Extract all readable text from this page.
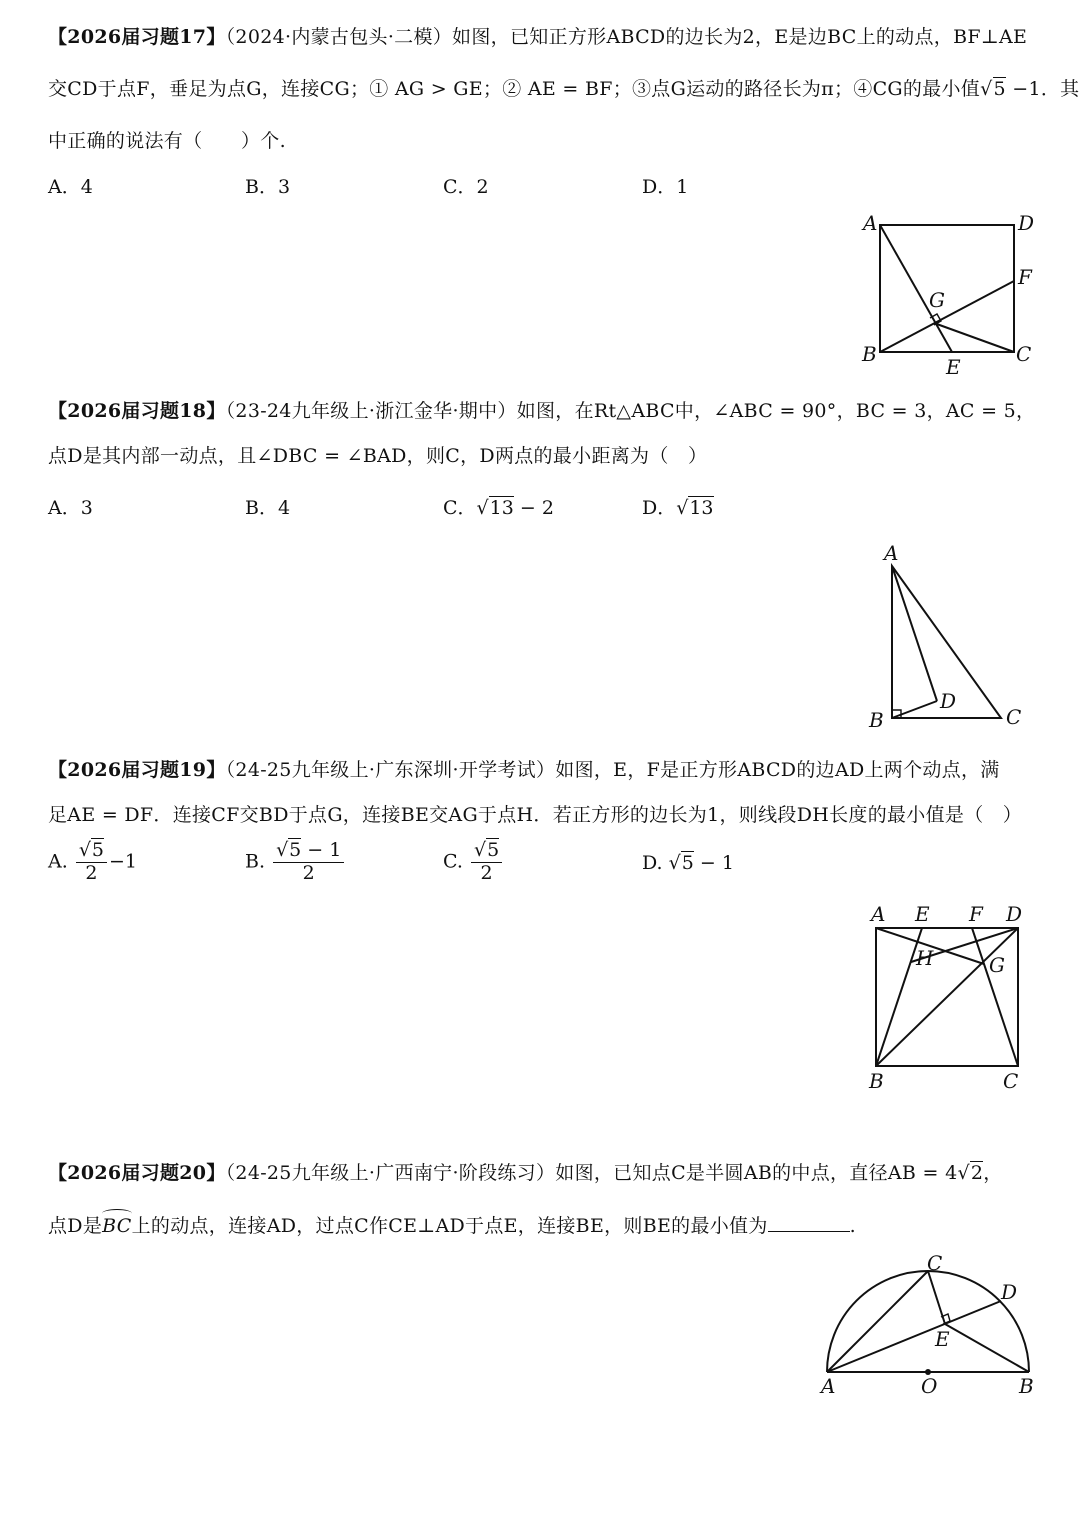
【2026届习题17】（2024·内蒙古包头·二模）如图，已知正方形ABCD的边长为2，E是边BC上的动点，BF⊥AE
交CD于点F，垂足为点G，连接CG；① AG > GE；② AE = BF；③点G运动的路径长为π；④CG的最小值√5 −1．其
中正确的说法有（　　）个.
A．4	B．3	C．2	D．1
A	D
F
G
B
E
C
【2026届习题18】（23-24九年级上·浙江金华·期中）如图，在Rt△ABC中，∠ABC = 90°，BC = 3，AC = 5，
点D是其内部一动点，且∠DBC = ∠BAD，则C，D两点的最小距离为（　）
A．3	B．4	C．√13 − 2	D．√13
A
D
B	C
【2026届习题19】（24-25九年级上·广东深圳·开学考试）如图，E，F是正方形ABCD的边AD上两个动点，满
足AE = DF．连接CF交BD于点G，连接BE交AG于点H．若正方形的边长为1，则线段DH长度的最小值是（　）
A. $\frac{√5}{2} -1$	B. $\frac{√5 - 1}{2}$	C. $\frac{√5}{2}$	D. √5 − 1
A E F D
H	G
B	C
【2026届习题20】（24-25九年级上·广西南宁·阶段练习）如图，已知点C是半圆AB的中点，直径AB = 4√2，
点D是BC上的动点，连接AD，过点C作CE⊥AD于点E，连接BE，则BE的最小值为	.
C
D
E
A	O	B
